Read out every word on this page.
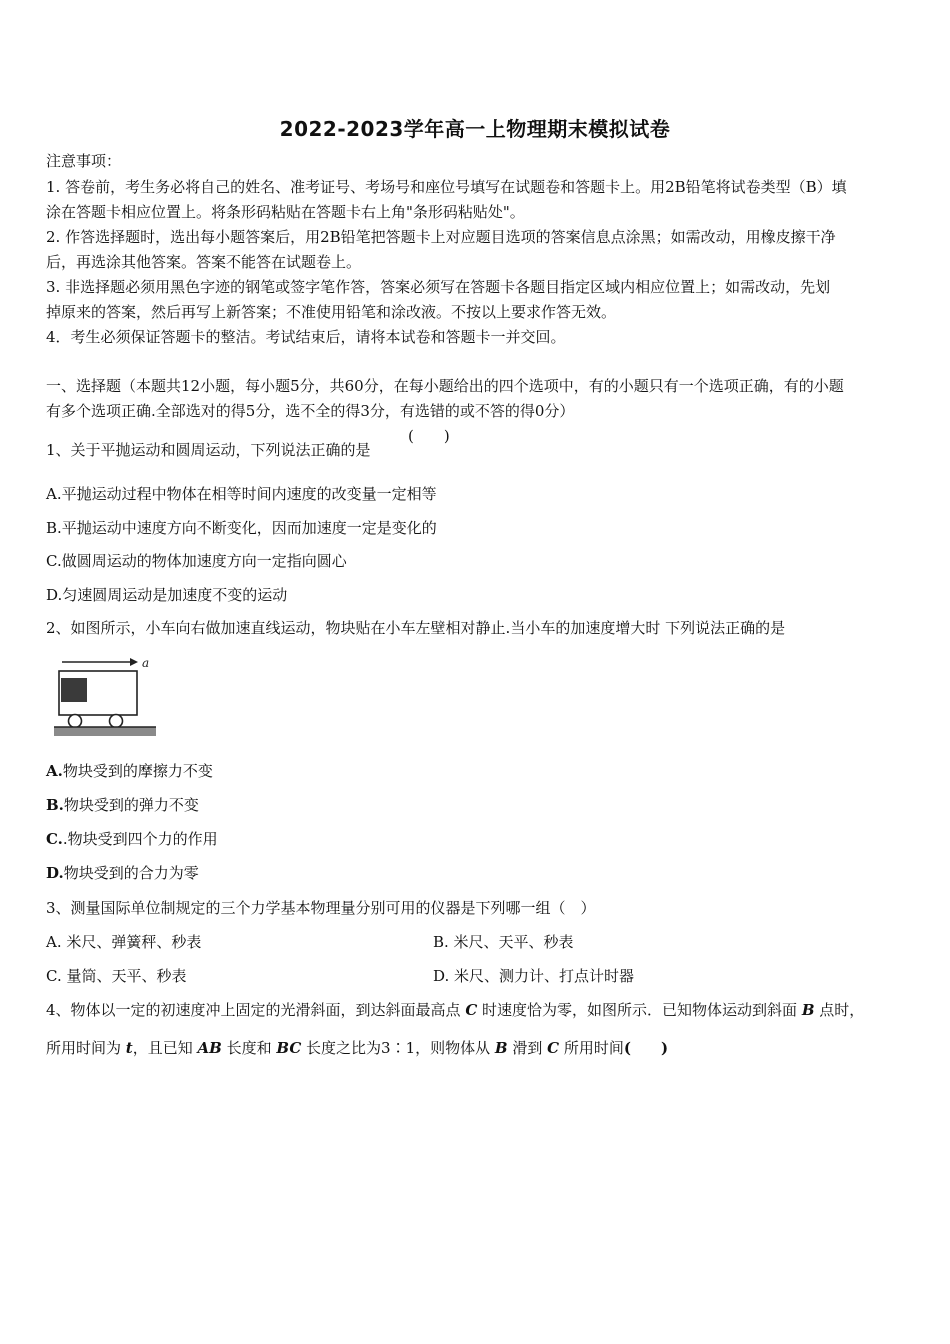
2022-2023学年高一上物理期末模拟试卷
注意事项：
1. 答卷前，考生务必将自己的姓名、准考证号、考场号和座位号填写在试题卷和答题卡上。用2B铅笔将试卷类型（B）填
涂在答题卡相应位置上。将条形码粘贴在答题卡右上角"条形码粘贴处"。
2. 作答选择题时，选出每小题答案后，用2B铅笔把答题卡上对应题目选项的答案信息点涂黑；如需改动，用橡皮擦干净
后，再选涂其他答案。答案不能答在试题卷上。
3. 非选择题必须用黑色字迹的钢笔或签字笔作答，答案必须写在答题卡各题目指定区域内相应位置上；如需改动，先划
掉原来的答案，然后再写上新答案；不准使用铅笔和涂改液。不按以上要求作答无效。
4．考生必须保证答题卡的整洁。考试结束后，请将本试卷和答题卡一并交回。
一、选择题（本题共12小题，每小题5分，共60分，在每小题给出的四个选项中，有的小题只有一个选项正确，有的小题
有多个选项正确.全部选对的得5分，选不全的得3分，有选错的或不答的得0分）
1、关于平抛运动和圆周运动，下列说法正确的是
(　　)
A.平抛运动过程中物体在相等时间内速度的改变量一定相等
B.平抛运动中速度方向不断变化，因而加速度一定是变化的
C.做圆周运动的物体加速度方向一定指向圆心
D.匀速圆周运动是加速度不变的运动
2、如图所示，小车向右做加速直线运动，物块贴在小车左壁相对静止.当小车的加速度增大时 下列说法正确的是
a
A.物块受到的摩擦力不变
B.物块受到的弹力不变
C..物块受到四个力的作用
D.物块受到的合力为零
3、测量国际单位制规定的三个力学基本物理量分别可用的仪器是下列哪一组（　）
A. 米尺、弹簧秤、秒表	B. 米尺、天平、秒表
C. 量筒、天平、秒表	D. 米尺、测力计、打点计时器
4、物体以一定的初速度冲上固定的光滑斜面，到达斜面最高点 C 时速度恰为零，如图所示．已知物体运动到斜面 B 点时，
所用时间为 t，且已知 AB 长度和 BC 长度之比为3∶1，则物体从 B 滑到 C 所用时间(　　)
